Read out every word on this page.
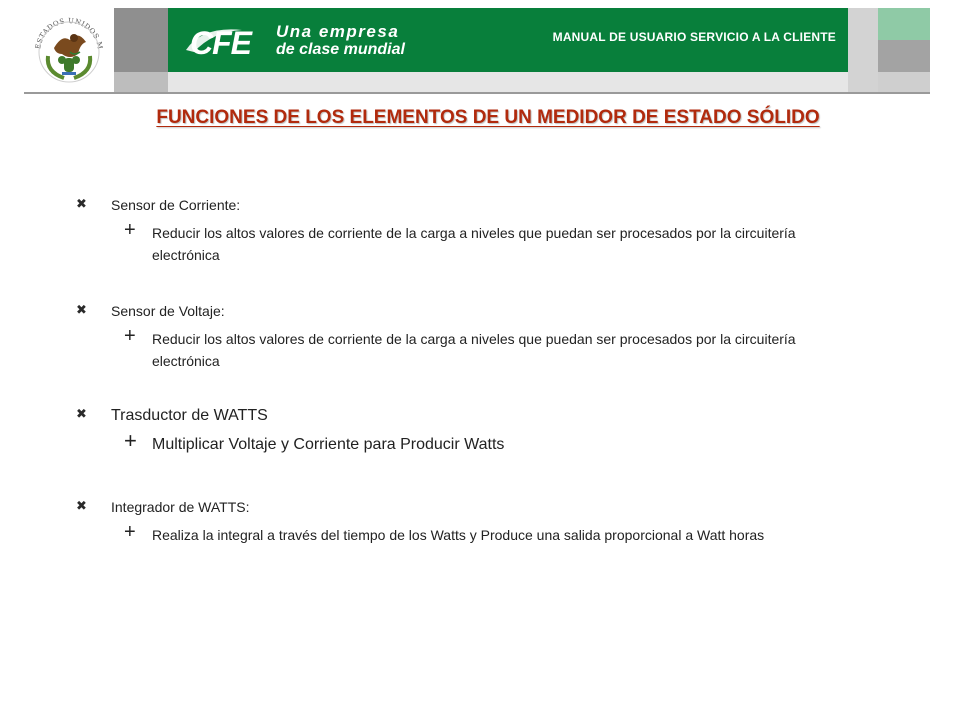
ESTADOS UNIDOS M	CFE Una empresa
de clase mundial
MANUAL DE USUARIO SERVICIO A LA CLIENTE
FUNCIONES DE LOS ELEMENTOS DE UN MEDIDOR DE ESTADO SÓLIDO
✖ Sensor de Corriente:
+ Reducir los altos valores de corriente de la carga a niveles que puedan ser procesados por la circuitería electrónica
✖ Sensor de Voltaje:
+ Reducir los altos valores de corriente de la carga a niveles que puedan ser procesados por la circuitería electrónica
✖ Trasductor de WATTS
+ Multiplicar Voltaje y Corriente para Producir Watts
✖ Integrador de WATTS:
+ Realiza la integral a través del tiempo de los Watts y Produce una salida proporcional a Watt horas
